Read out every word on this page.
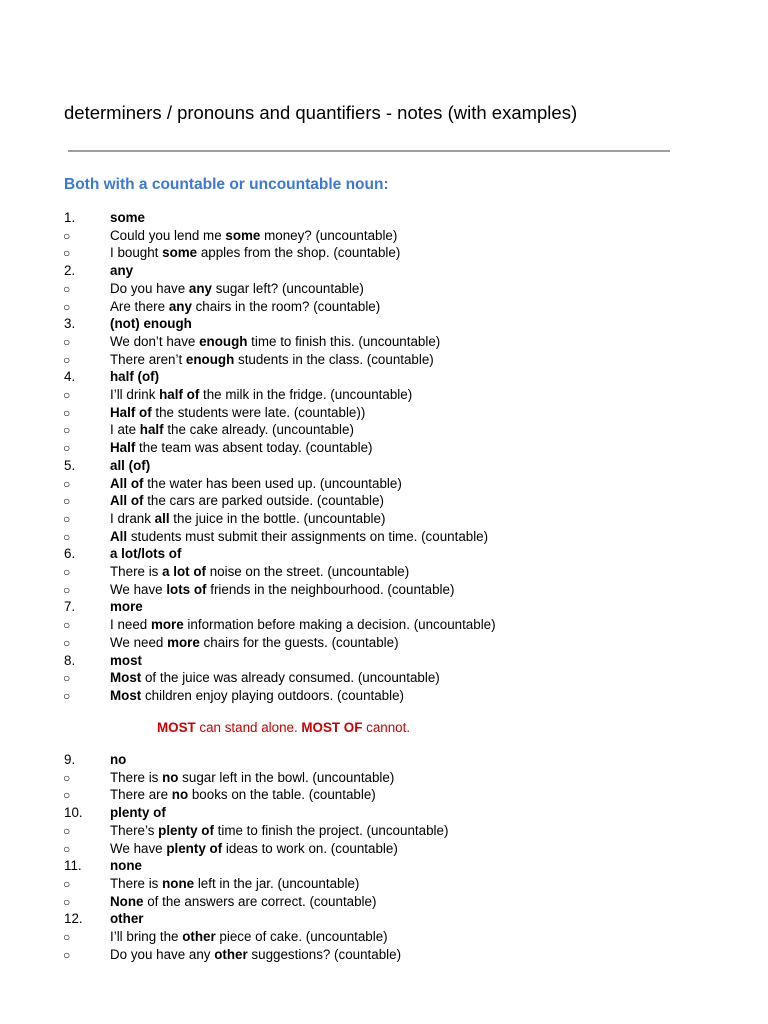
determiners / pronouns and quantifiers - notes (with examples)
Both with a countable or uncountable noun:
1.	some
○	Could you lend me some money? (uncountable)
○	I bought some apples from the shop. (countable)
2.	any
○	Do you have any sugar left? (uncountable)
○	Are there any chairs in the room? (countable)
3.	(not) enough
○	We don’t have enough time to finish this. (uncountable)
○	There aren’t enough students in the class. (countable)
4.	half (of)
○	I’ll drink half of the milk in the fridge. (uncountable)
○	Half of the students were late. (countable))
○	I ate half the cake already. (uncountable)
○	Half the team was absent today. (countable)
5.	all (of)
○	All of the water has been used up. (uncountable)
○	All of the cars are parked outside. (countable)
○	I drank all the juice in the bottle. (uncountable)
○	All students must submit their assignments on time. (countable)
6.	a lot/lots of
○	There is a lot of noise on the street. (uncountable)
○	We have lots of friends in the neighbourhood. (countable)
7.	more
○	I need more information before making a decision. (uncountable)
○	We need more chairs for the guests. (countable)
8.	most
○	Most of the juice was already consumed. (uncountable)
○	Most children enjoy playing outdoors. (countable)
9.	no
○	There is no sugar left in the bowl. (uncountable)
○	There are no books on the table. (countable)
10. plenty of
○	There’s plenty of time to finish the project. (uncountable)
○	We have plenty of ideas to work on. (countable)
11. none
○	There is none left in the jar. (uncountable)
○	None of the answers are correct. (countable)
12. other
○	I’ll bring the other piece of cake. (uncountable)
○	Do you have any other suggestions? (countable)
MOST can stand alone. MOST OF cannot.
